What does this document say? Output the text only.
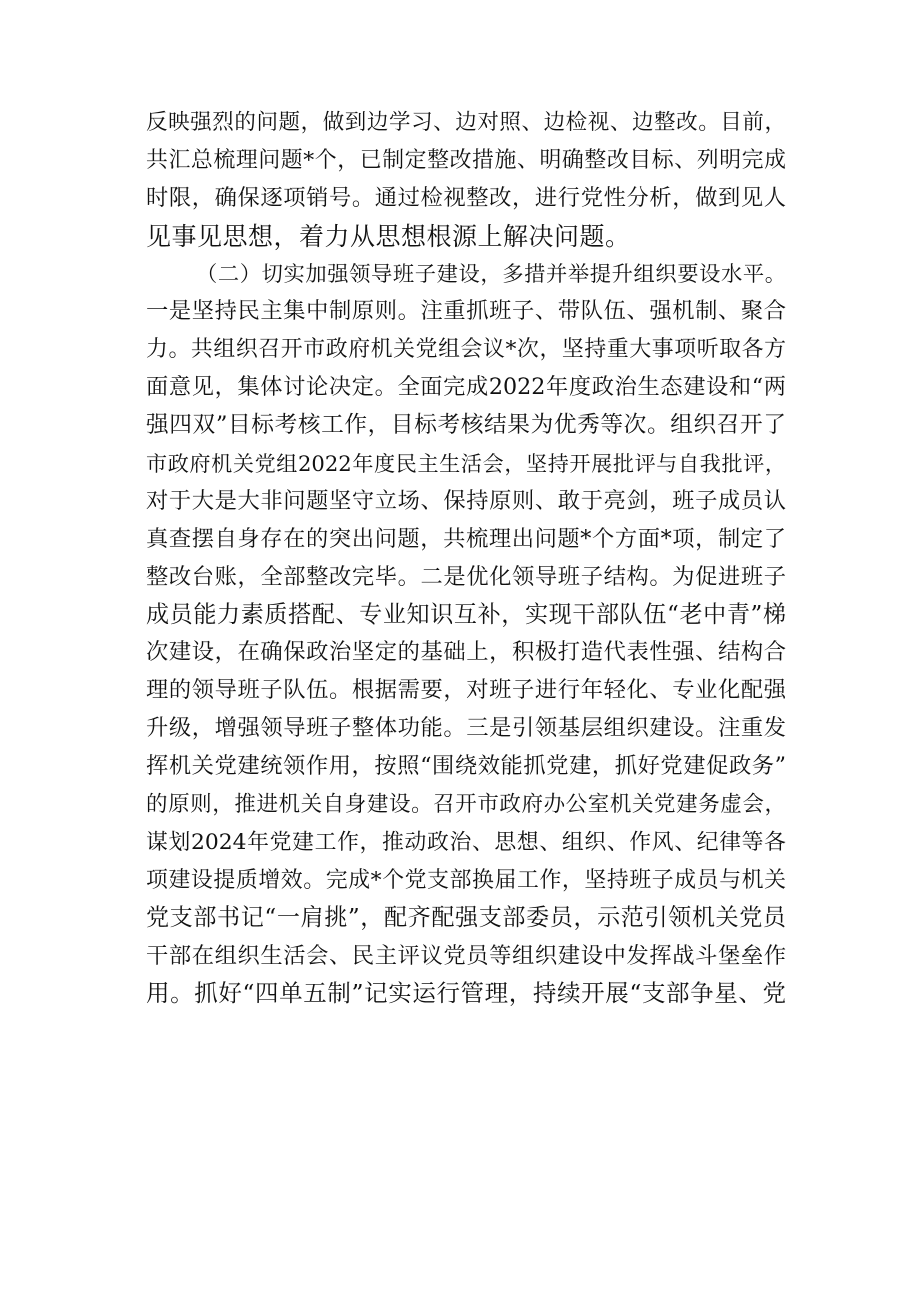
反映强烈的问题，做到边学习、边对照、边检视、边整改。目前，
共汇总梳理问题*个，已制定整改措施、明确整改目标、列明完成
时限，确保逐项销号。通过检视整改，进行党性分析，做到见人
见事见思想，着力从思想根源上解决问题。
（二）切实加强领导班子建设，多措并举提升组织要设水平。
一是坚持民主集中制原则。注重抓班子、带队伍、强机制、聚合
力。共组织召开市政府机关党组会议*次，坚持重大事项听取各方
面意见，集体讨论决定。全面完成2022年度政治生态建设和“两
强四双”目标考核工作，目标考核结果为优秀等次。组织召开了
市政府机关党组2022年度民主生活会，坚持开展批评与自我批评，
对于大是大非问题坚守立场、保持原则、敢于亮剑，班子成员认
真查摆自身存在的突出问题，共梳理出问题*个方面*项，制定了
整改台账，全部整改完毕。二是优化领导班子结构。为促进班子
成员能力素质搭配、专业知识互补，实现干部队伍“老中青”梯
次建设，在确保政治坚定的基础上，积极打造代表性强、结构合
理的领导班子队伍。根据需要，对班子进行年轻化、专业化配强
升级，增强领导班子整体功能。三是引领基层组织建设。注重发
挥机关党建统领作用，按照“围绕效能抓党建，抓好党建促政务”
的原则，推进机关自身建设。召开市政府办公室机关党建务虚会，
谋划2024年党建工作，推动政治、思想、组织、作风、纪律等各
项建设提质增效。完成*个党支部换届工作，坚持班子成员与机关
党支部书记“一肩挑”，配齐配强支部委员，示范引领机关党员
干部在组织生活会、民主评议党员等组织建设中发挥战斗堡垒作
用。抓好“四单五制”记实运行管理，持续开展“支部争星、党
